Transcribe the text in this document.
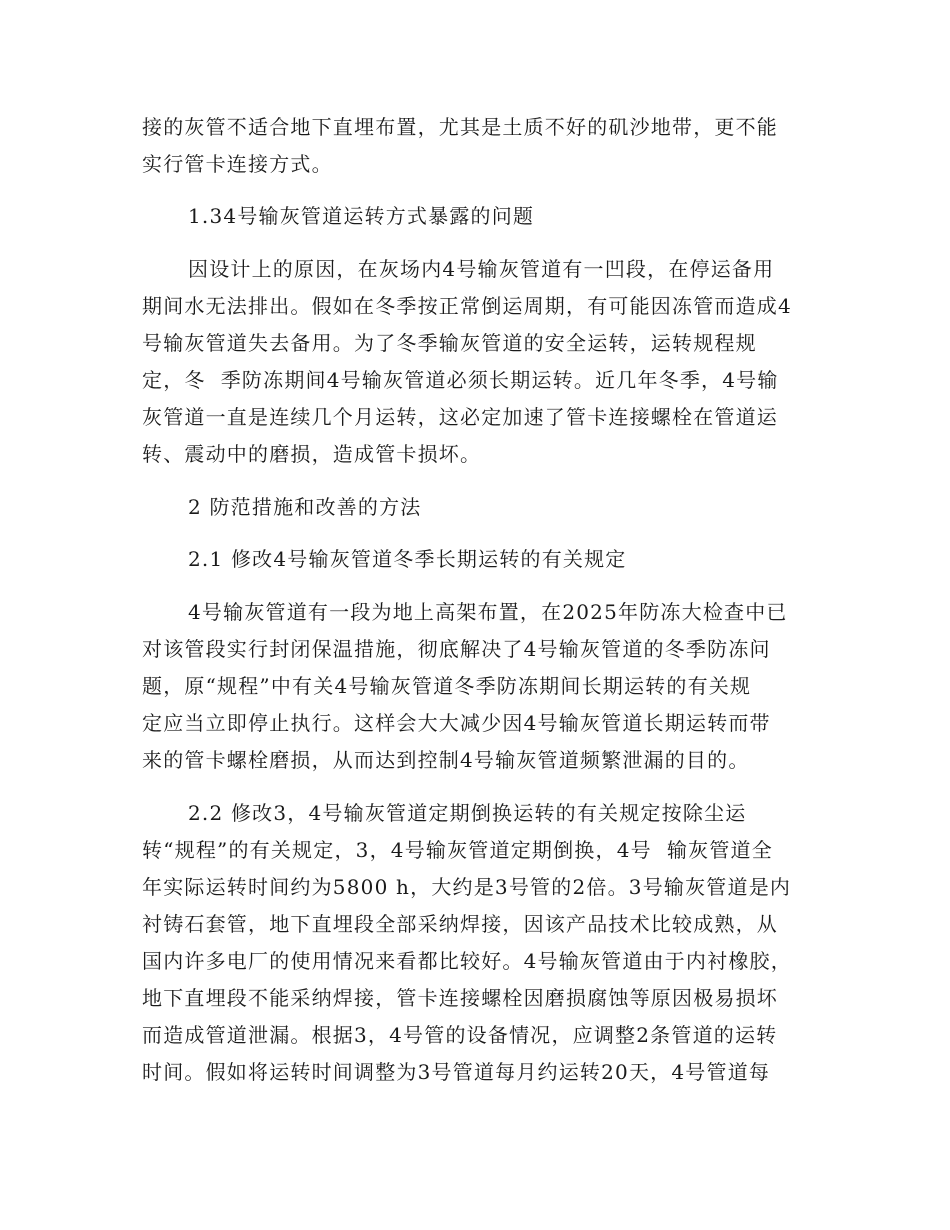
接的灰管不适合地下直埋布置，尤其是土质不好的矶沙地带，更不能
实行管卡连接方式。
1.34号输灰管道运转方式暴露的问题
因设计上的原因，在灰场内4号输灰管道有一凹段，在停运备用
期间水无法排出。假如在冬季按正常倒运周期，有可能因冻管而造成4
号输灰管道失去备用。为了冬季输灰管道的安全运转，运转规程规
定，冬  季防冻期间4号输灰管道必须长期运转。近几年冬季，4号输
灰管道一直是连续几个月运转，这必定加速了管卡连接螺栓在管道运
转、震动中的磨损，造成管卡损坏。
2 防范措施和改善的方法
2.1 修改4号输灰管道冬季长期运转的有关规定
4号输灰管道有一段为地上高架布置，在2025年防冻大检查中已
对该管段实行封闭保温措施，彻底解决了4号输灰管道的冬季防冻问
题，原“规程”中有关4号输灰管道冬季防冻期间长期运转的有关规
定应当立即停止执行。这样会大大减少因4号输灰管道长期运转而带
来的管卡螺栓磨损，从而达到控制4号输灰管道频繁泄漏的目的。
2.2 修改3，4号输灰管道定期倒换运转的有关规定按除尘运
转“规程”的有关规定，3，4号输灰管道定期倒换，4号  输灰管道全
年实际运转时间约为5800 h，大约是3号管的2倍。3号输灰管道是内
衬铸石套管，地下直埋段全部采纳焊接，因该产品技术比较成熟，从
国内许多电厂的使用情况来看都比较好。4号输灰管道由于内衬橡胶，
地下直埋段不能采纳焊接，管卡连接螺栓因磨损腐蚀等原因极易损坏
而造成管道泄漏。根据3，4号管的设备情况，应调整2条管道的运转
时间。假如将运转时间调整为3号管道每月约运转20天，4号管道每
